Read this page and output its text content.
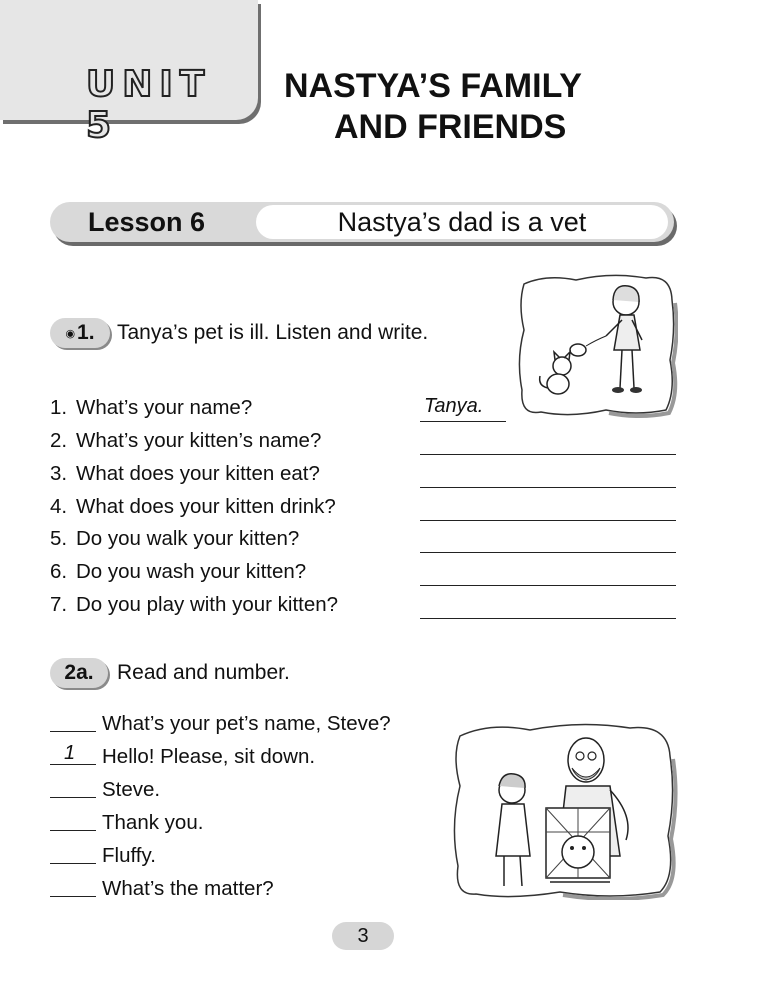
UNIT 5
NASTYA’S FAMILY
AND FRIENDS
Lesson 6	Nastya’s dad is a vet
◉1.	Tanya’s pet is ill. Listen and write.
1. What’s your name?	Tanya.
2. What’s your kitten’s name?
3. What does your kitten eat?
4. What does your kitten drink?
5. Do you walk your kitten?
6. Do you wash your kitten?
7. Do you play with your kitten?
2a.	Read and number.
What’s your pet’s name, Steve?
1 Hello! Please, sit down.
Steve.
Thank you.
Fluffy.
What’s the matter?
3
